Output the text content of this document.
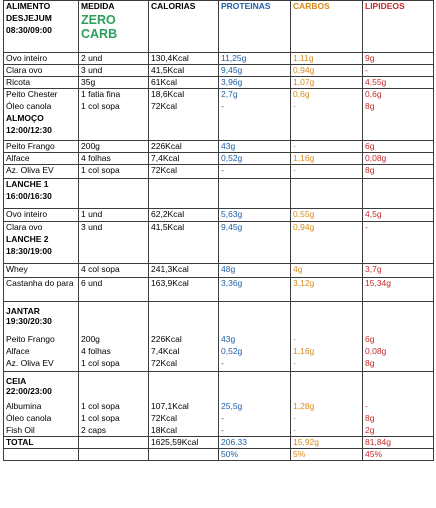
ALIMENTO	MEDIDA	CALORIAS	PROTEINAS	CARBOS	LIPIDEOS
DESJEJUM	ZERO
CARB				

08:30/09:00					

Ovo inteiro	2 und	130,4Kcal	11,25g	1,11g	9g
Clara ovo	3 und	41,5Kcal	9,45g	0,94g	-
Ricota	35g	61Kcal	3,96g	1,07g	4,55g
Peito Chester	1 fatia fina	18,6Kcal	2,7g	0,6g	0,6g
Óleo canola	1 col sopa	72Kcal	-	-	8g
ALMOÇO					
12:00/12:30					

Peito Frango	200g	226Kcal	43g	-	6g
Alface	4 folhas	7,4Kcal	0,52g	1,16g	0,08g
Az. Oliva EV	1 col sopa	72Kcal	-	-	8g
LANCHE 1					
16:00/16:30					

Ovo inteiro	1 und	62,2Kcal	5,63g	0,55g	4,5g
Clara ovo	3 und	41,5Kcal	9,45g	0,94g	-
LANCHE 2					
18:30/19:00					

Whey	4 col sopa	241,3Kcal	48g	4g	3,7g
Castanha do para	6 und	163,9Kcal	3,36g	3,12g	15,34g
JANTAR					
19:30/20:30					

Peito Frango	200g	226Kcal	43g	-	6g
Alface	4 folhas	7,4Kcal	0,52g	1,16g	0,08g
Az. Oliva EV	1 col sopa	72Kcal	-	-	8g
CEIA					
22:00/23:00					

Albumina	1 col sopa	107,1Kcal	25,5g	1,28g	-
Óleo canola	1 col sopa	72Kcal	-	-	8g
Fish Oil	2 caps	18Kcal	-	-	2g
TOTAL		1625,59Kcal	206.33	15,92g	81,84g
			50%	5%	45%
